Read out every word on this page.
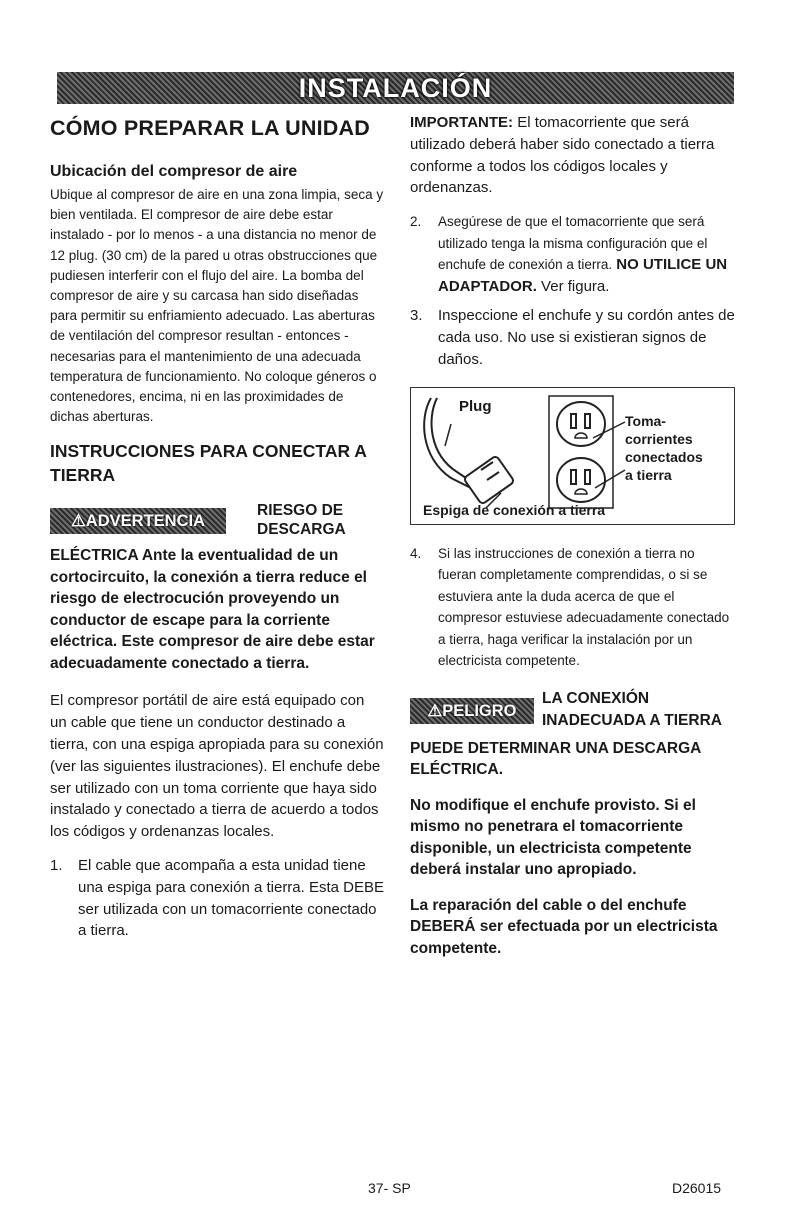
INSTALACIÓN
CÓMO PREPARAR LA UNIDAD
Ubicación del compresor de aire

Ubique al compresor de aire en una zona limpia, seca y bien ventilada. El compresor de aire debe estar instalado - por lo menos - a una distancia no menor de 12 plug. (30 cm) de la pared u otras obstrucciones que pudiesen interferir con el flujo del aire. La bomba del compresor de aire y su carcasa han sido diseñadas para permitir su enfriamiento adecuado. Las aberturas de ventilación del compresor resultan - entonces - necesarias para el mantenimiento de una adecuada temperatura de funcionamiento. No coloque géneros o contenedores, encima, ni en las proximidades de dichas aberturas.

INSTRUCCIONES PARA CONECTAR A TIERRA
⚠ADVERTENCIA
RIESGO DE DESCARGA

ELÉCTRICA Ante la eventualidad de un cortocircuito, la conexión a tierra reduce el riesgo de electrocución proveyendo un conductor de escape para la corriente eléctrica. Este compresor de aire debe estar adecuadamente conectado a tierra.

El compresor portátil de aire está equipado con un cable que tiene un conductor destinado a tierra, con una espiga apropiada para su conexión (ver las siguientes ilustraciones). El enchufe debe ser utilizado con un toma corriente que haya sido instalado y conectado a tierra de acuerdo a todos los códigos y ordenanzas locales.

1. El cable que acompaña a esta unidad tiene una espiga para conexión a tierra. Esta DEBE ser utilizada con un tomacorriente conectado a tierra.

IMPORTANTE: El tomacorriente que será utilizado deberá haber sido conectado a tierra conforme a todos los códigos locales y ordenanzas.

2. Asegúrese de que el tomacorriente que será utilizado tenga la misma configuración que el enchufe de conexión a tierra. NO UTILICE UN ADAPTADOR. Ver figura.
3. Inspeccione el enchufe y su cordón antes de cada uso. No use si existieran signos de daños.
Plug
Toma-
corrientes
conectados
a tierra
Espiga de conexión a tierra
4. Si las instrucciones de conexión a tierra no fueran completamente comprendidas, o si se estuviera ante la duda acerca de que el compresor estuviese adecuadamente conectado a tierra, haga verificar la instalación por un electricista competente.
⚠PELIGRO
LA CONEXIÓN
INADECUADA A TIERRA

PUEDE DETERMINAR UNA DESCARGA ELÉCTRICA.

No modifique el enchufe provisto. Si el mismo no penetrara el tomacorriente disponible, un electricista competente deberá instalar uno apropiado.

La reparación del cable o del enchufe DEBERÁ ser efectuada por un electricista competente.

37- SP	D26015
